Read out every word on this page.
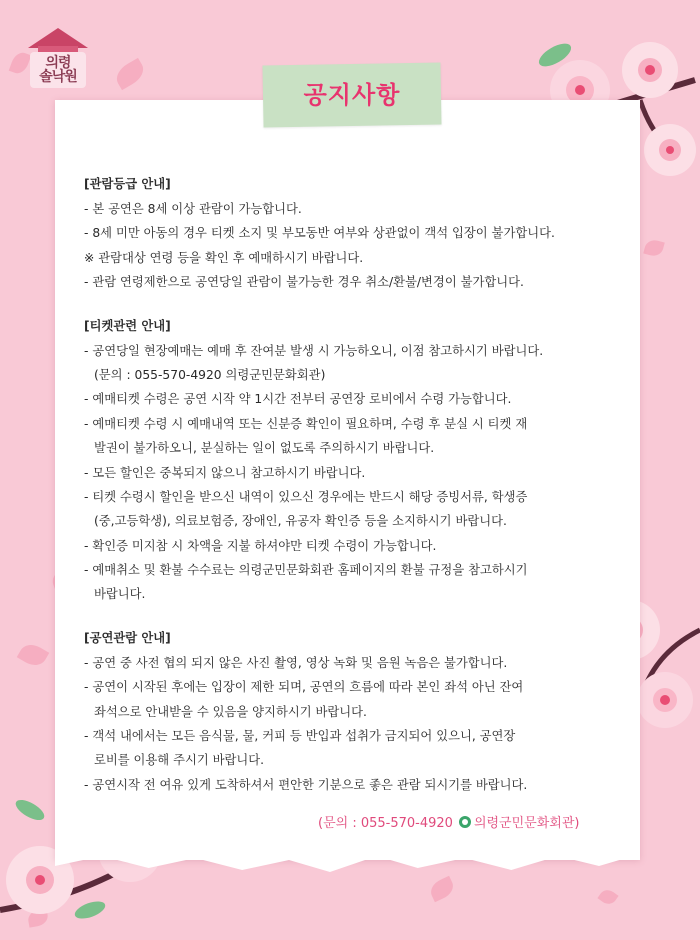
의령
솔낙원
공지사항
[관람등급 안내]
- 본 공연은 8세 이상 관람이 가능합니다.
- 8세 미만 아동의 경우 티켓 소지 및 부모동반 여부와 상관없이 객석 입장이 불가합니다.
※ 관람대상 연령 등을 확인 후 예매하시기 바랍니다.
- 관람 연령제한으로 공연당일 관람이 불가능한 경우 취소/환불/변경이 불가합니다.
[티켓관련 안내]
- 공연당일 현장예매는 예매 후 잔여분 발생 시 가능하오니, 이점 참고하시기 바랍니다.
(문의 : 055-570-4920 의령군민문화회관)
- 예매티켓 수령은 공연 시작 약 1시간 전부터 공연장 로비에서 수령 가능합니다.
- 예매티켓 수령 시 예매내역 또는 신분증 확인이 필요하며, 수령 후 분실 시 티켓 재
발권이 불가하오니, 분실하는 일이 없도록 주의하시기 바랍니다.
- 모든 할인은 중복되지 않으니 참고하시기 바랍니다.
- 티켓 수령시 할인을 받으신 내역이 있으신 경우에는 반드시 해당 증빙서류, 학생증
(중,고등학생), 의료보험증, 장애인, 유공자 확인증 등을 소지하시기 바랍니다.
- 확인증 미지참 시 차액을 지불 하셔야만 티켓 수령이 가능합니다.
- 예매취소 및 환불 수수료는 의령군민문화회관 홈페이지의 환불 규정을 참고하시기
바랍니다.
[공연관람 안내]
- 공연 중 사전 협의 되지 않은 사진 촬영, 영상 녹화 및 음원 녹음은 불가합니다.
- 공연이 시작된 후에는 입장이 제한 되며, 공연의 흐름에 따라 본인 좌석 아닌 잔여
좌석으로 안내받을 수 있음을 양지하시기 바랍니다.
- 객석 내에서는 모든 음식물, 물, 커피 등 반입과 섭취가 금지되어 있으니, 공연장
로비를 이용해 주시기 바랍니다.
- 공연시작 전 여유 있게 도착하셔서 편안한 기분으로 좋은 관람 되시기를 바랍니다.
(문의 : 055-570-4920 의령군민문화회관)
